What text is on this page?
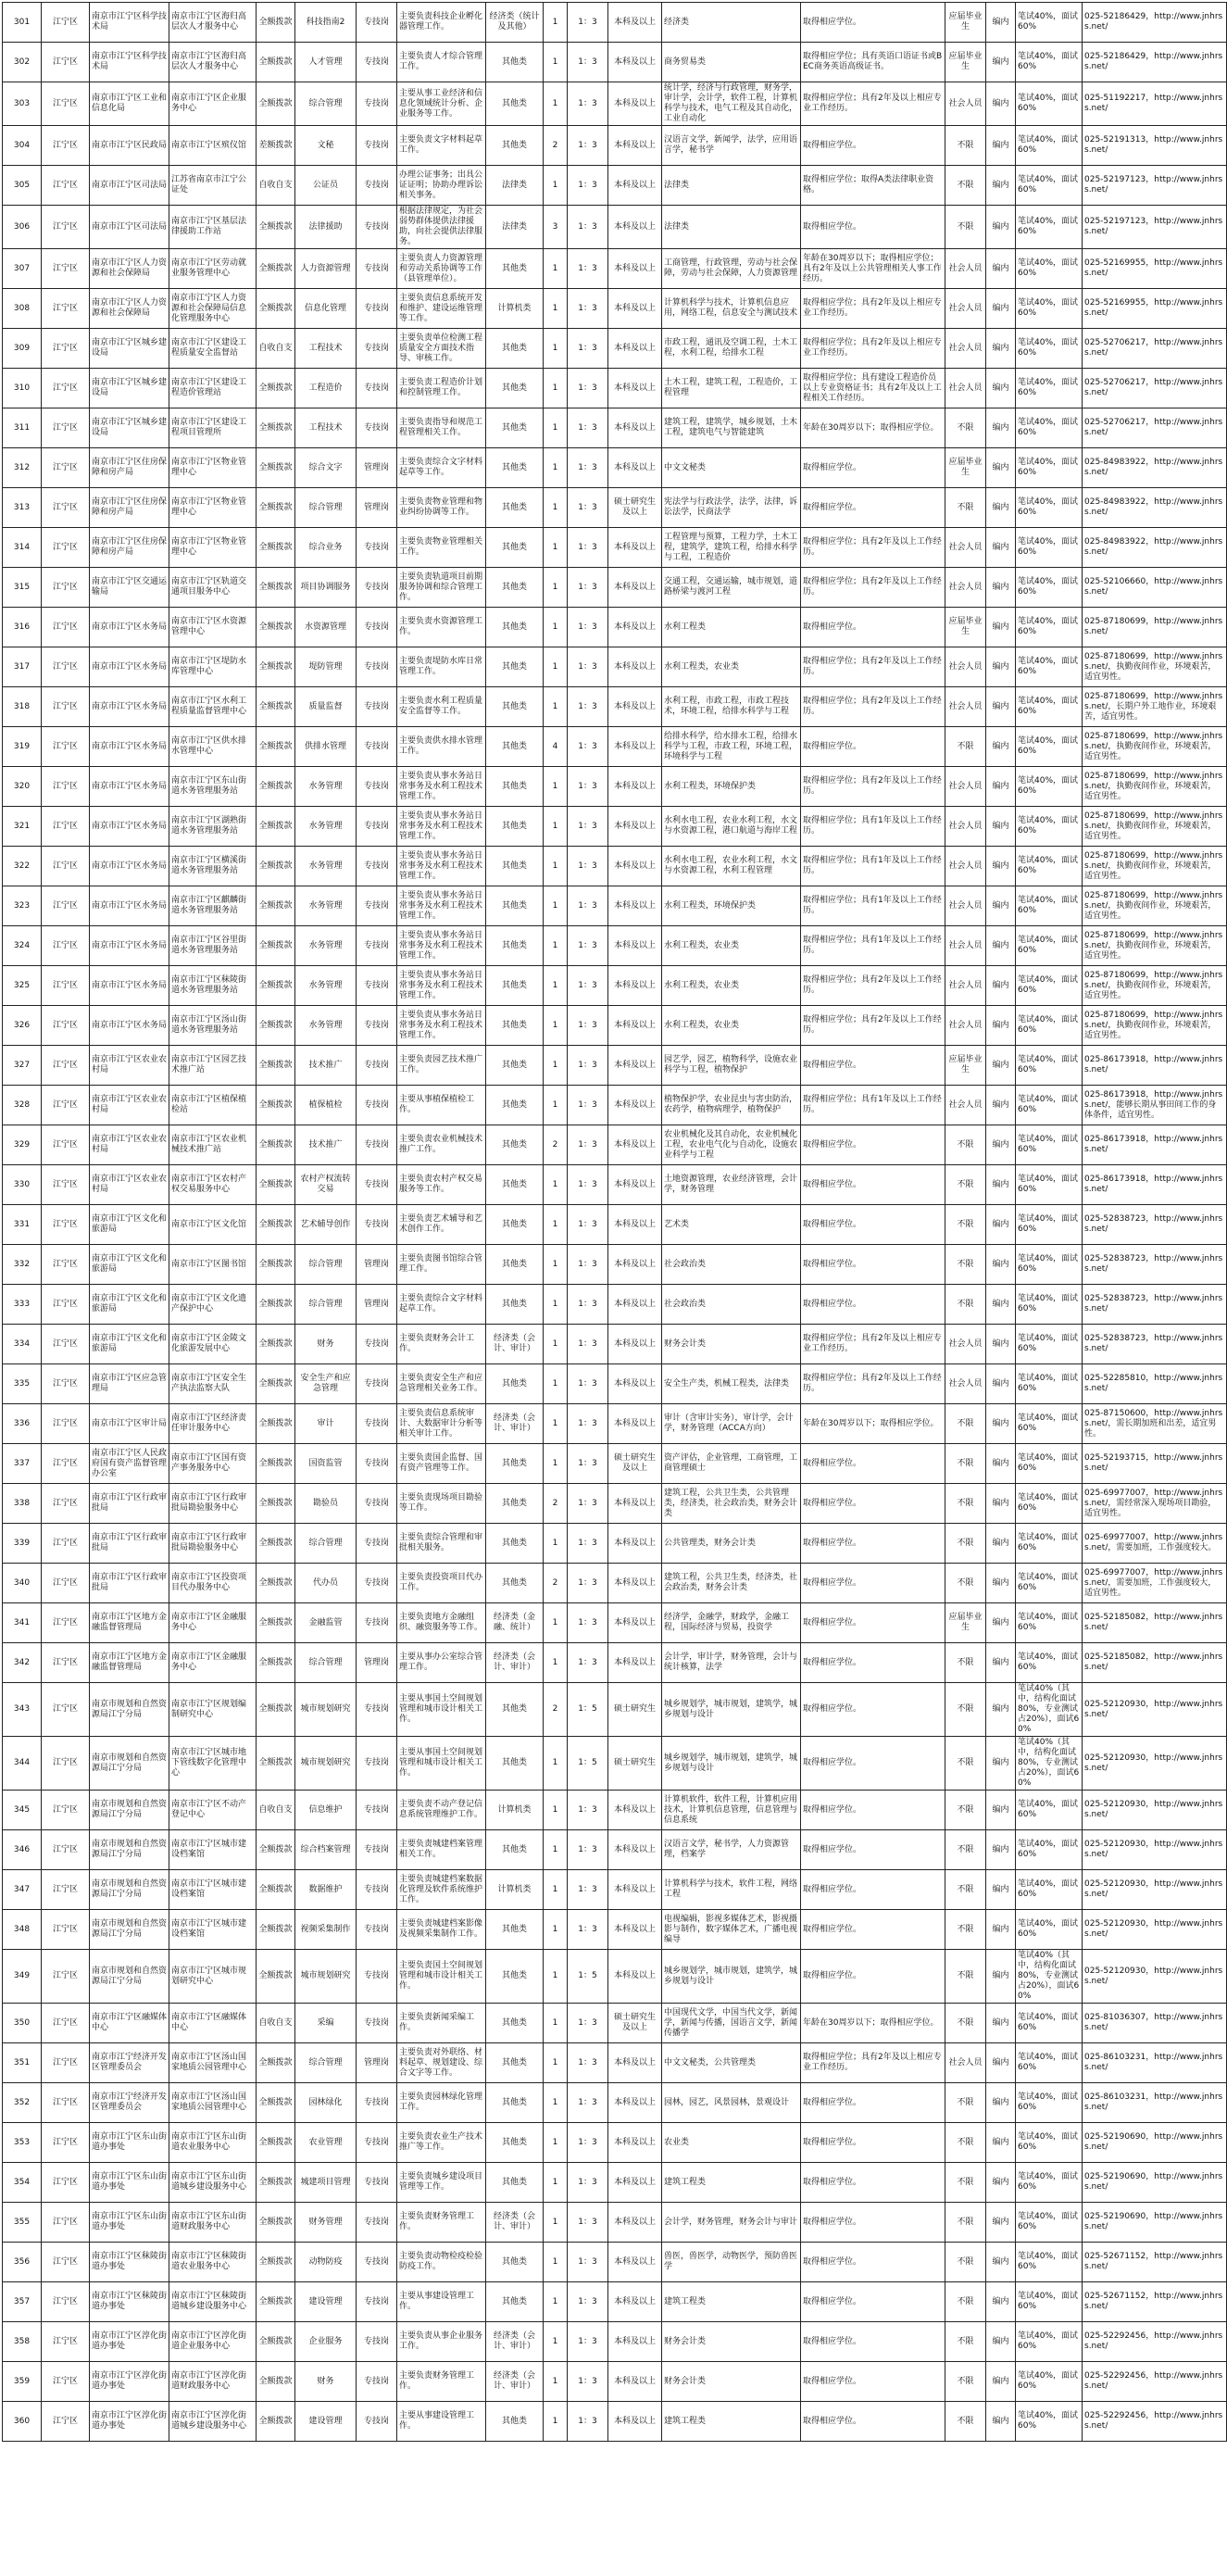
301	江宁区	南京市江宁区科学技术局	南京市江宁区海归高层次人才服务中心	全额拨款	科技指南2	专技岗	主要负责科技企业孵化器管理工作。	经济类（统计及其他）	1	1：3	本科及以上	经济类	取得相应学位。	应届毕业生	编内	笔试40%，面试60%	025-52186429，http://www.jnhrss.net/
302	江宁区	南京市江宁区科学技术局	南京市江宁区海归高层次人才服务中心	全额拨款	人才管理	专技岗	主要负责人才综合管理工作。	其他类	1	1：3	本科及以上	商务贸易类	取得相应学位；具有英语口语证书或BEC商务英语高级证书。	应届毕业生	编内	笔试40%，面试60%	025-52186429，http://www.jnhrss.net/
303	江宁区	南京市江宁区工业和信息化局	南京市江宁区企业服务中心	全额拨款	综合管理	专技岗	主要从事工业经济和信息化领域统计分析、企业服务等工作。	其他类	1	1：3	本科及以上	统计学，经济与行政管理，财务学，审计学，会计学，软件工程，计算机科学与技术，电气工程及其自动化，工业自动化	取得相应学位；具有2年及以上相应专业工作经历。	社会人员	编内	笔试40%，面试60%	025-51192217，http://www.jnhrss.net/
304	江宁区	南京市江宁区民政局	南京市江宁区殡仪馆	差额拨款	文秘	专技岗	主要负责文字材料起草工作。	其他类	2	1：3	本科及以上	汉语言文学，新闻学，法学，应用语言学，秘书学	取得相应学位。	不限	编内	笔试40%，面试60%	025-52191313，http://www.jnhrss.net/
305	江宁区	南京市江宁区司法局	江苏省南京市江宁公证处	自收自支	公证员	专技岗	办理公证事务；出具公证证明；协助办理诉讼相关事务。	法律类	1	1：3	本科及以上	法律类	取得相应学位；取得A类法律职业资格。	不限	编内	笔试40%，面试60%	025-52197123，http://www.jnhrss.net/
306	江宁区	南京市江宁区司法局	南京市江宁区基层法律援助工作站	全额拨款	法律援助	专技岗	根据法律规定，为社会弱势群体提供法律援助，向社会提供法律服务。	法律类	3	1：3	本科及以上	法律类	取得相应学位。	不限	编内	笔试40%，面试60%	025-52197123，http://www.jnhrss.net/
307	江宁区	南京市江宁区人力资源和社会保障局	南京市江宁区劳动就业服务管理中心	全额拨款	人力资源管理	专技岗	主要负责人力资源管理和劳动关系协调等工作（县管理单位）。	其他类	1	1：3	本科及以上	工商管理，行政管理，劳动与社会保障，劳动与社会保障，人力资源管理	年龄在30周岁以下；取得相应学位；具有2年及以上公共管理相关人事工作经历。	社会人员	编内	笔试40%，面试60%	025-52169955，http://www.jnhrss.net/
308	江宁区	南京市江宁区人力资源和社会保障局	南京市江宁区人力资源和社会保障局信息化管理服务中心	全额拨款	信息化管理	专技岗	主要负责信息系统开发和维护、建设运维管理等工作。	计算机类	1	1：3	本科及以上	计算机科学与技术，计算机信息应用，网络工程，信息安全与测试技术	取得相应学位；具有2年及以上相应专业工作经历。	社会人员	编内	笔试40%，面试60%	025-52169955，http://www.jnhrss.net/
309	江宁区	南京市江宁区城乡建设局	南京市江宁区建设工程质量安全监督站	自收自支	工程技术	专技岗	主要负责单位检测工程质量安全方面技术指导、审核工作。	其他类	1	1：3	本科及以上	市政工程，通讯及空调工程，土木工程，水利工程，给排水工程	取得相应学位；具有2年及以上相应专业工作经历。	社会人员	编内	笔试40%，面试60%	025-52706217，http://www.jnhrss.net/
310	江宁区	南京市江宁区城乡建设局	南京市江宁区建设工程造价管理站	全额拨款	工程造价	专技岗	主要负责工程造价计划和控制管理工作。	其他类	1	1：3	本科及以上	土木工程，建筑工程，工程造价，工程管理	取得相应学位；具有建设工程造价员以上专业资格证书；具有2年及以上工程相关工作经历。	社会人员	编内	笔试40%，面试60%	025-52706217，http://www.jnhrss.net/
311	江宁区	南京市江宁区城乡建设局	南京市江宁区建设工程项目管理所	全额拨款	工程技术	专技岗	主要负责指导和规范工程管理相关工作。	其他类	1	1：3	本科及以上	建筑工程，建筑学，城乡规划，土木工程，建筑电气与智能建筑	年龄在30周岁以下；取得相应学位。	不限	编内	笔试40%，面试60%	025-52706217，http://www.jnhrss.net/
312	江宁区	南京市江宁区住房保障和房产局	南京市江宁区物业管理中心	全额拨款	综合文字	管理岗	主要负责综合文字材料起草等工作。	其他类	1	1：3	本科及以上	中文文秘类	取得相应学位。	应届毕业生	编内	笔试40%，面试60%	025-84983922，http://www.jnhrss.net/
313	江宁区	南京市江宁区住房保障和房产局	南京市江宁区物业管理中心	全额拨款	综合管理	管理岗	主要负责物业管理和物业纠纷协调等工作。	其他类	1	1：3	硕士研究生及以上	宪法学与行政法学，法学，法律，诉讼法学，民商法学	取得相应学位。	不限	编内	笔试40%，面试60%	025-84983922，http://www.jnhrss.net/
314	江宁区	南京市江宁区住房保障和房产局	南京市江宁区物业管理中心	全额拨款	综合业务	专技岗	主要负责物业管理相关工作。	其他类	1	1：3	本科及以上	工程管理与预算，工程力学，土木工程，建筑学，建筑工程，给排水科学与工程，工程造价	取得相应学位；具有2年及以上工作经历。	社会人员	编内	笔试40%，面试60%	025-84983922，http://www.jnhrss.net/
315	江宁区	南京市江宁区交通运输局	南京市江宁区轨道交通项目服务中心	全额拨款	项目协调服务	专技岗	主要负责轨道项目前期服务协调和综合管理工作。	其他类	1	1：3	本科及以上	交通工程，交通运输，城市规划，道路桥梁与渡河工程	取得相应学位；具有2年及以上工作经历。	社会人员	编内	笔试40%，面试60%	025-52106660，http://www.jnhrss.net/
316	江宁区	南京市江宁区水务局	南京市江宁区水资源管理中心	全额拨款	水资源管理	专技岗	主要负责水资源管理工作。	其他类	1	1：3	本科及以上	水利工程类	取得相应学位。	应届毕业生	编内	笔试40%，面试60%	025-87180699，http://www.jnhrss.net/
317	江宁区	南京市江宁区水务局	南京市江宁区堤防水库管理中心	全额拨款	堤防管理	专技岗	主要负责堤防水库日常管理工作。	其他类	1	1：3	本科及以上	水利工程类，农业类	取得相应学位；具有2年及以上工作经历。	社会人员	编内	笔试40%，面试60%	025-87180699，http://www.jnhrss.net/，执勤夜间作业，环境艰苦，适宜男性。
318	江宁区	南京市江宁区水务局	南京市江宁区水利工程质量监督管理中心	全额拨款	质量监督	专技岗	主要负责水利工程质量安全监督等工作。	其他类	1	1：3	本科及以上	水利工程，市政工程，市政工程技术，环境工程，给排水科学与工程	取得相应学位；具有2年及以上工作经历。	社会人员	编内	笔试40%，面试60%	025-87180699，http://www.jnhrss.net/，长期户外工地作业，环境艰苦，适宜男性。
319	江宁区	南京市江宁区水务局	南京市江宁区供水排水管理中心	全额拨款	供排水管理	专技岗	主要负责供水排水管理工作。	其他类	4	1：3	本科及以上	给排水科学，给水排水工程，给排水科学与工程，市政工程，环境工程，环境科学与工程	取得相应学位。	不限	编内	笔试40%，面试60%	025-87180699，http://www.jnhrss.net/，执勤夜间作业，环境艰苦，适宜男性。
320	江宁区	南京市江宁区水务局	南京市江宁区东山街道水务管理服务站	全额拨款	水务管理	专技岗	主要负责从事水务站日常事务及水利工程技术管理工作。	其他类	1	1：3	本科及以上	水利工程类，环境保护类	取得相应学位；具有2年及以上工作经历。	社会人员	编内	笔试40%，面试60%	025-87180699，http://www.jnhrss.net/，执勤夜间作业，环境艰苦，适宜男性。
321	江宁区	南京市江宁区水务局	南京市江宁区湖熟街道水务管理服务站	全额拨款	水务管理	专技岗	主要负责从事水务站日常事务及水利工程技术管理工作。	其他类	1	1：3	本科及以上	水利水电工程，农业水利工程，水文与水资源工程，港口航道与海岸工程	取得相应学位；具有1年及以上工作经历。	社会人员	编内	笔试40%，面试60%	025-87180699，http://www.jnhrss.net/，执勤夜间作业，环境艰苦，适宜男性。
322	江宁区	南京市江宁区水务局	南京市江宁区横溪街道水务管理服务站	全额拨款	水务管理	专技岗	主要负责从事水务站日常事务及水利工程技术管理工作。	其他类	1	1：3	本科及以上	水利水电工程，农业水利工程，水文与水资源工程，水利工程管理	取得相应学位；具有1年及以上工作经历。	社会人员	编内	笔试40%，面试60%	025-87180699，http://www.jnhrss.net/，执勤夜间作业，环境艰苦，适宜男性。
323	江宁区	南京市江宁区水务局	南京市江宁区麒麟街道水务管理服务站	全额拨款	水务管理	专技岗	主要负责从事水务站日常事务及水利工程技术管理工作。	其他类	1	1：3	本科及以上	水利工程类，环境保护类	取得相应学位；具有1年及以上工作经历。	社会人员	编内	笔试40%，面试60%	025-87180699，http://www.jnhrss.net/，执勤夜间作业，环境艰苦，适宜男性。
324	江宁区	南京市江宁区水务局	南京市江宁区谷里街道水务管理服务站	全额拨款	水务管理	专技岗	主要负责从事水务站日常事务及水利工程技术管理工作。	其他类	1	1：3	本科及以上	水利工程类，农业类	取得相应学位；具有1年及以上工作经历。	社会人员	编内	笔试40%，面试60%	025-87180699，http://www.jnhrss.net/，执勤夜间作业，环境艰苦，适宜男性。
325	江宁区	南京市江宁区水务局	南京市江宁区秣陵街道水务管理服务站	全额拨款	水务管理	专技岗	主要负责从事水务站日常事务及水利工程技术管理工作。	其他类	1	1：3	本科及以上	水利工程类，农业类	取得相应学位；具有2年及以上工作经历。	社会人员	编内	笔试40%，面试60%	025-87180699，http://www.jnhrss.net/，执勤夜间作业，环境艰苦，适宜男性。
326	江宁区	南京市江宁区水务局	南京市江宁区汤山街道水务管理服务站	全额拨款	水务管理	专技岗	主要负责从事水务站日常事务及水利工程技术管理工作。	其他类	1	1：3	本科及以上	水利工程类，农业类	取得相应学位；具有2年及以上工作经历。	社会人员	编内	笔试40%，面试60%	025-87180699，http://www.jnhrss.net/，执勤夜间作业，环境艰苦，适宜男性。
327	江宁区	南京市江宁区农业农村局	南京市江宁区园艺技术推广站	全额拨款	技术推广	专技岗	主要负责园艺技术推广工作。	其他类	1	1：3	本科及以上	园艺学，园艺，植物科学，设施农业科学与工程，植物保护	取得相应学位。	应届毕业生	编内	笔试40%，面试60%	025-86173918，http://www.jnhrss.net/
328	江宁区	南京市江宁区农业农村局	南京市江宁区植保植检站	全额拨款	植保植检	专技岗	主要从事植保植检工作。	其他类	1	1：3	本科及以上	植物保护学，农业昆虫与害虫防治，农药学，植物病理学，植物保护	取得相应学位；具有1年及以上工作经历。	社会人员	编内	笔试40%，面试60%	025-86173918，http://www.jnhrss.net/，能够长期从事田间工作的身体条件，适宜男性。
329	江宁区	南京市江宁区农业农村局	南京市江宁区农业机械技术推广站	全额拨款	技术推广	专技岗	主要负责农业机械技术推广工作。	其他类	2	1：3	本科及以上	农业机械化及其自动化，农业机械化工程，农业电气化与自动化，设施农业科学与工程	取得相应学位。	不限	编内	笔试40%，面试60%	025-86173918，http://www.jnhrss.net/
330	江宁区	南京市江宁区农业农村局	南京市江宁区农村产权交易服务中心	全额拨款	农村产权流转交易	专技岗	主要负责农村产权交易服务等工作。	其他类	1	1：3	本科及以上	土地资源管理，农业经济管理，会计学，财务管理	取得相应学位。	不限	编内	笔试40%，面试60%	025-86173918，http://www.jnhrss.net/
331	江宁区	南京市江宁区文化和旅游局	南京市江宁区文化馆	全额拨款	艺术辅导创作	专技岗	主要负责艺术辅导和艺术创作工作。	其他类	1	1：3	本科及以上	艺术类	取得相应学位。	不限	编内	笔试40%，面试60%	025-52838723，http://www.jnhrss.net/
332	江宁区	南京市江宁区文化和旅游局	南京市江宁区图书馆	全额拨款	综合管理	管理岗	主要负责图书馆综合管理工作。	其他类	1	1：3	本科及以上	社会政治类	取得相应学位。	不限	编内	笔试40%，面试60%	025-52838723，http://www.jnhrss.net/
333	江宁区	南京市江宁区文化和旅游局	南京市江宁区文化遗产保护中心	全额拨款	综合管理	管理岗	主要负责综合文字材料起草工作。	其他类	1	1：3	本科及以上	社会政治类	取得相应学位。	不限	编内	笔试40%，面试60%	025-52838723，http://www.jnhrss.net/
334	江宁区	南京市江宁区文化和旅游局	南京市江宁区金陵文化旅游发展中心	全额拨款	财务	专技岗	主要负责财务会计工作。	经济类（会计、审计）	1	1：3	本科及以上	财务会计类	取得相应学位；具有2年及以上相应专业工作经历。	社会人员	编内	笔试40%，面试60%	025-52838723，http://www.jnhrss.net/
335	江宁区	南京市江宁区应急管理局	南京市江宁区安全生产执法监察大队	全额拨款	安全生产和应急管理	专技岗	主要负责安全生产和应急管理相关业务工作。	其他类	1	1：3	本科及以上	安全生产类，机械工程类，法律类	取得相应学位；具有2年及以上工作经历。	社会人员	编内	笔试40%，面试60%	025-52285810，http://www.jnhrss.net/
336	江宁区	南京市江宁区审计局	南京市江宁区经济责任审计服务中心	全额拨款	审计	专技岗	主要负责信息系统审计、大数据审计分析等相关审计工作。	经济类（会计、审计）	1	1：3	本科及以上	审计（含审计实务），审计学，会计学，财务管理（ACCA方向）	年龄在30周岁以下；取得相应学位。	不限	编内	笔试40%，面试60%	025-87150600，http://www.jnhrss.net/，需长期加班和出差，适宜男性。
337	江宁区	南京市江宁区人民政府国有资产监督管理办公室	南京市江宁区国有资产事务服务中心	全额拨款	国资监管	专技岗	主要负责国企监督、国有资产管理等工作。	其他类	1	1：3	硕士研究生及以上	资产评估，企业管理，工商管理，工商管理硕士	取得相应学位。	不限	编内	笔试40%，面试60%	025-52193715，http://www.jnhrss.net/
338	江宁区	南京市江宁区行政审批局	南京市江宁区行政审批局勘验服务中心	全额拨款	勘验员	专技岗	主要负责现场项目勘验等工作。	其他类	2	1：3	本科及以上	建筑工程，公共卫生类，公共管理类，经济类，社会政治类，财务会计类	取得相应学位。	不限	编内	笔试40%，面试60%	025-69977007，http://www.jnhrss.net/，需经常深入现场项目勘验，适宜男性。
339	江宁区	南京市江宁区行政审批局	南京市江宁区行政审批局勘验服务中心	全额拨款	综合管理	专技岗	主要负责综合管理和审批相关服务。	其他类	1	1：3	本科及以上	公共管理类，财务会计类	取得相应学位。	不限	编内	笔试40%，面试60%	025-69977007，http://www.jnhrss.net/，需要加班，工作强度较大。
340	江宁区	南京市江宁区行政审批局	南京市江宁区投资项目代办服务中心	全额拨款	代办员	专技岗	主要负责投资项目代办工作。	其他类	2	1：3	本科及以上	建筑工程，公共卫生类，经济类，社会政治类，财务会计类	取得相应学位。	不限	编内	笔试40%，面试60%	025-69977007，http://www.jnhrss.net/，需要加班，工作强度较大，适宜男性。
341	江宁区	南京市江宁区地方金融监督管理局	南京市江宁区金融服务中心	全额拨款	金融监管	专技岗	主要负责地方金融组织、融资服务等工作。	经济类（金融、统计）	1	1：3	本科及以上	经济学，金融学，财政学，金融工程，国际经济与贸易，投资学	取得相应学位。	应届毕业生	编内	笔试40%，面试60%	025-52185082，http://www.jnhrss.net/
342	江宁区	南京市江宁区地方金融监督管理局	南京市江宁区金融服务中心	全额拨款	综合管理	管理岗	主要从事办公室综合管理工作。	经济类（会计、审计）	1	1：3	本科及以上	会计学，审计学，财务管理，会计与统计核算，法学	取得相应学位。	不限	编内	笔试40%，面试60%	025-52185082，http://www.jnhrss.net/
343	江宁区	南京市规划和自然资源局江宁分局	南京市江宁区规划编制研究中心	全额拨款	城市规划研究	专技岗	主要从事国土空间规划管理和城市设计相关工作。	其他类	2	1：5	硕士研究生	城乡规划学，城市规划，建筑学，城乡规划与设计	取得相应学位。	不限	编内	笔试40%（其中，结构化面试80%，专业测试占20%），面试60%	025-52120930，http://www.jnhrss.net/
344	江宁区	南京市规划和自然资源局江宁分局	南京市江宁区城市地下管线数字化管理中心	全额拨款	城市规划研究	专技岗	主要从事国土空间规划管理和城市设计相关工作。	其他类	1	1：5	硕士研究生	城乡规划学，城市规划，建筑学，城乡规划与设计	取得相应学位。	不限	编内	笔试40%（其中，结构化面试80%，专业测试占20%），面试60%	025-52120930，http://www.jnhrss.net/
345	江宁区	南京市规划和自然资源局江宁分局	南京市江宁区不动产登记中心	自收自支	信息维护	专技岗	主要负责不动产登记信息系统管理维护工作。	计算机类	1	1：3	本科及以上	计算机软件，软件工程，计算机应用技术，计算机信息管理，信息管理与信息系统	取得相应学位。	不限	编内	笔试40%，面试60%	025-52120930，http://www.jnhrss.net/
346	江宁区	南京市规划和自然资源局江宁分局	南京市江宁区城市建设档案馆	全额拨款	综合档案管理	专技岗	主要负责城建档案管理相关工作。	其他类	1	1：3	本科及以上	汉语言文学，秘书学，人力资源管理，档案学	取得相应学位。	不限	编内	笔试40%，面试60%	025-52120930，http://www.jnhrss.net/
347	江宁区	南京市规划和自然资源局江宁分局	南京市江宁区城市建设档案馆	全额拨款	数据维护	专技岗	主要负责城建档案数据化管理及软件系统维护工作。	计算机类	1	1：3	本科及以上	计算机科学与技术，软件工程，网络工程	取得相应学位。	不限	编内	笔试40%，面试60%	025-52120930，http://www.jnhrss.net/
348	江宁区	南京市规划和自然资源局江宁分局	南京市江宁区城市建设档案馆	全额拨款	视频采集制作	专技岗	主要负责城建档案影像及视频采集制作工作。	其他类	1	1：3	本科及以上	电视编辑，影视多媒体艺术，影视摄影与制作，数字媒体艺术，广播电视编导	取得相应学位。	不限	编内	笔试40%，面试60%	025-52120930，http://www.jnhrss.net/
349	江宁区	南京市规划和自然资源局江宁分局	南京市江宁区城市规划研究中心	全额拨款	城市规划研究	专技岗	主要负责国土空间规划管理和城市设计相关工作。	其他类	1	1：5	本科及以上	城乡规划学，城市规划，建筑学，城乡规划与设计	取得相应学位。	不限	编内	笔试40%（其中，结构化面试80%，专业测试占20%），面试60%	025-52120930，http://www.jnhrss.net/
350	江宁区	南京市江宁区融媒体中心	南京市江宁区融媒体中心	自收自支	采编	专技岗	主要负责新闻采编工作。	其他类	1	1：3	硕士研究生及以上	中国现代文学，中国当代文学，新闻学，新闻与传播，国语言文学，新闻传播学	年龄在30周岁以下；取得相应学位。	不限	编内	笔试40%，面试60%	025-81036307，http://www.jnhrss.net/
351	江宁区	南京市江宁经济开发区管理委员会	南京市江宁区汤山国家地质公园管理中心	全额拨款	综合管理	管理岗	主要负责对外联络、材料起草、规划建设、综合文字等工作。	其他类	1	1：3	本科及以上	中文文秘类，公共管理类	取得相应学位；具有2年及以上相应专业工作经历。	社会人员	编内	笔试40%，面试60%	025-86103231，http://www.jnhrss.net/
352	江宁区	南京市江宁经济开发区管理委员会	南京市江宁区汤山国家地质公园管理中心	全额拨款	园林绿化	专技岗	主要负责园林绿化管理工作。	其他类	1	1：3	本科及以上	园林，园艺，风景园林，景观设计	取得相应学位。	不限	编内	笔试40%，面试60%	025-86103231，http://www.jnhrss.net/
353	江宁区	南京市江宁区东山街道办事处	南京市江宁区东山街道农业服务中心	全额拨款	农业管理	专技岗	主要负责农业生产技术推广等工作。	其他类	1	1：3	本科及以上	农业类	取得相应学位。	不限	编内	笔试40%，面试60%	025-52190690，http://www.jnhrss.net/
354	江宁区	南京市江宁区东山街道办事处	南京市江宁区东山街道城乡建设服务中心	全额拨款	城建项目管理	专技岗	主要负责城乡建设项目管理等工作。	其他类	1	1：3	本科及以上	建筑工程类	取得相应学位。	不限	编内	笔试40%，面试60%	025-52190690，http://www.jnhrss.net/
355	江宁区	南京市江宁区东山街道办事处	南京市江宁区东山街道财政服务中心	全额拨款	财务管理	专技岗	主要负责财务管理工作。	经济类（会计、审计）	1	1：3	本科及以上	会计学，财务管理，财务会计与审计	取得相应学位。	不限	编内	笔试40%，面试60%	025-52190690，http://www.jnhrss.net/
356	江宁区	南京市江宁区秣陵街道办事处	南京市江宁区秣陵街道农业服务中心	全额拨款	动物防疫	专技岗	主要负责动物检疫检验防疫工作。	其他类	1	1：3	本科及以上	兽医，兽医学，动物医学，预防兽医学	取得相应学位。	不限	编内	笔试40%，面试60%	025-52671152，http://www.jnhrss.net/
357	江宁区	南京市江宁区秣陵街道办事处	南京市江宁区秣陵街道城乡建设服务中心	全额拨款	建设管理	专技岗	主要从事建设管理工作。	其他类	1	1：3	本科及以上	建筑工程类	取得相应学位。	不限	编内	笔试40%，面试60%	025-52671152，http://www.jnhrss.net/
358	江宁区	南京市江宁区淳化街道办事处	南京市江宁区淳化街道企业服务中心	全额拨款	企业服务	专技岗	主要负责从事企业服务工作。	经济类（会计、审计）	1	1：3	本科及以上	财务会计类	取得相应学位。	不限	编内	笔试40%，面试60%	025-52292456，http://www.jnhrss.net/
359	江宁区	南京市江宁区淳化街道办事处	南京市江宁区淳化街道财政服务中心	全额拨款	财务	专技岗	主要负责财务管理工作。	经济类（会计、审计）	1	1：3	本科及以上	财务会计类	取得相应学位。	不限	编内	笔试40%，面试60%	025-52292456，http://www.jnhrss.net/
360	江宁区	南京市江宁区淳化街道办事处	南京市江宁区淳化街道城乡建设服务中心	全额拨款	建设管理	专技岗	主要从事建设管理工作。	其他类	1	1：3	本科及以上	建筑工程类	取得相应学位。	不限	编内	笔试40%，面试60%	025-52292456，http://www.jnhrss.net/
